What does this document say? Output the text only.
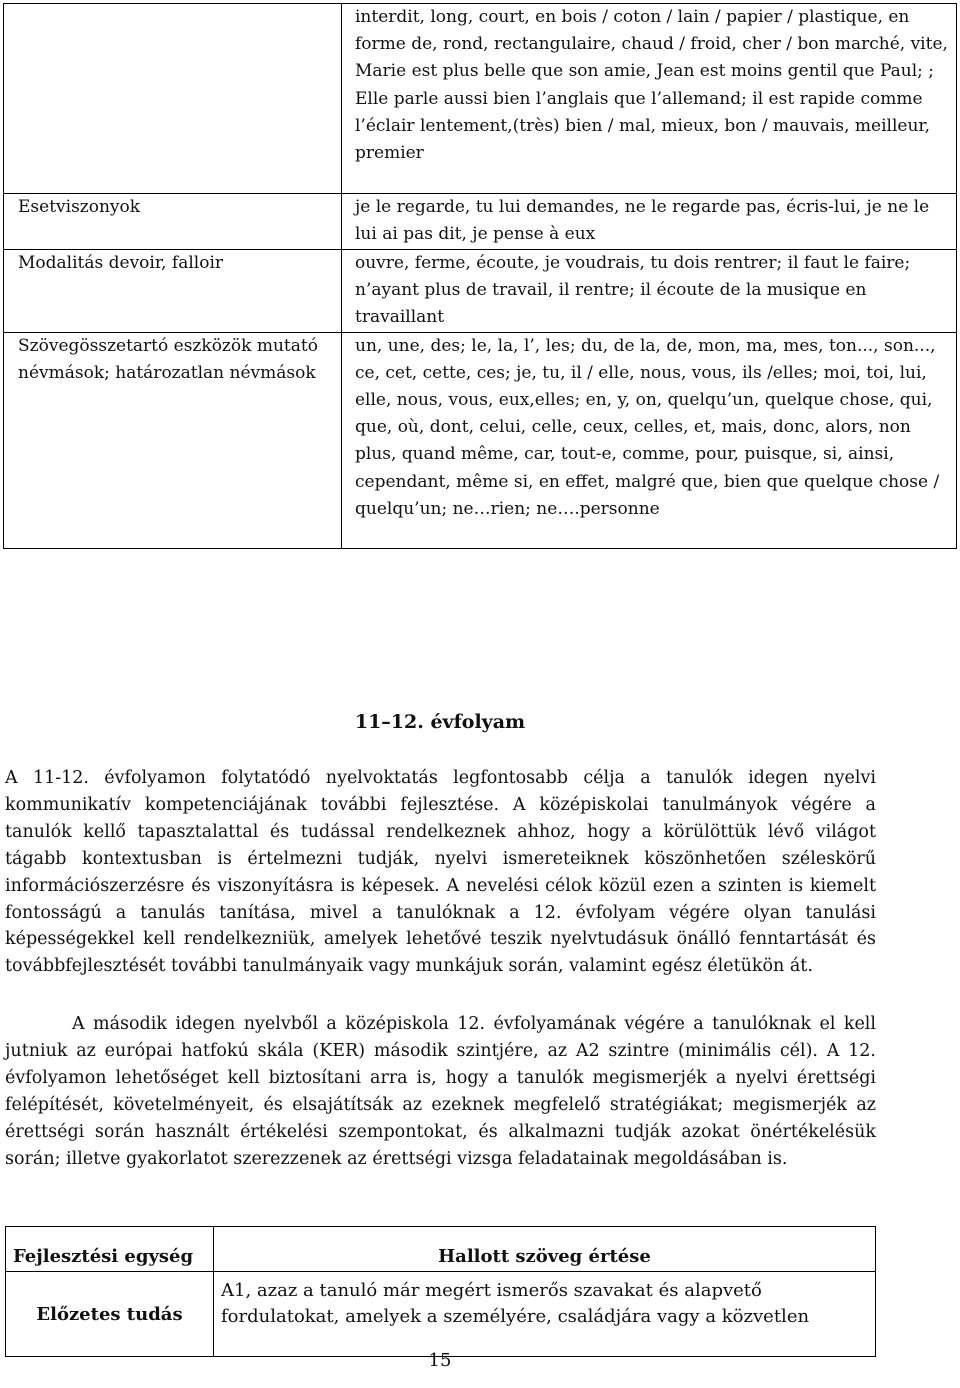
	interdit, long, court, en bois / coton / lain / papier / plastique, en forme de, rond, rectangulaire, chaud / froid, cher / bon marché, vite, Marie est plus belle que son amie, Jean est moins gentil que Paul; ; Elle parle aussi bien l’anglais que l’allemand; il est rapide comme l’éclair lentement,(très) bien / mal, mieux, bon / mauvais, meilleur, premier

Esetviszonyok	je le regarde, tu lui demandes, ne le regarde pas, écris-lui, je ne le lui ai pas dit, je pense à eux

Modalitás devoir, falloir	ouvre, ferme, écoute, je voudrais, tu dois rentrer; il faut le faire; n’ayant plus de travail, il rentre; il écoute de la musique en travaillant

Szövegösszetartó eszközök mutató névmások; határozatlan névmások	un, une, des; le, la, l’, les; du, de la, de, mon, ma, mes, ton..., son..., ce, cet, cette, ces; je, tu, il / elle, nous, vous, ils /elles; moi, toi, lui, elle, nous, vous, eux,elles; en, y, on, quelqu’un, quelque chose, qui, que, où, dont, celui, celle, ceux, celles, et, mais, donc, alors, non plus, quand même, car, tout-e, comme, pour, puisque, si, ainsi, cependant, même si, en effet, malgré que, bien que quelque chose / quelqu’un; ne…rien; ne….personne
11–12. évfolyam

A 11-12. évfolyamon folytatódó nyelvoktatás legfontosabb célja a tanulók idegen nyelvi kommunikatív kompetenciájának további fejlesztése. A középiskolai tanulmányok végére a tanulók kellő tapasztalattal és tudással rendelkeznek ahhoz, hogy a körülöttük lévő világot tágabb kontextusban is értelmezni tudják, nyelvi ismereteiknek köszönhetően széleskörű információszerzésre és viszonyításra is képesek. A nevelési célok közül ezen a szinten is kiemelt fontosságú a tanulás tanítása, mivel a tanulóknak a 12. évfolyam végére olyan tanulási képességekkel kell rendelkezniük, amelyek lehetővé teszik nyelvtudásuk önálló fenntartását és továbbfejlesztését további tanulmányaik vagy munkájuk során, valamint egész életükön át.

A második idegen nyelvből a középiskola 12. évfolyamának végére a tanulóknak el kell jutniuk az európai hatfokú skála (KER) második szintjére, az A2 szintre (minimális cél). A 12. évfolyamon lehetőséget kell biztosítani arra is, hogy a tanulók megismerjék a nyelvi érettségi felépítését, követelményeit, és elsajátítsák az ezeknek megfelelő stratégiákat; megismerjék az érettségi során használt értékelési szempontokat, és alkalmazni tudják azokat önértékelésük során; illetve gyakorlatot szerezzenek az érettségi vizsga feladatainak megoldásában is.

Fejlesztési egység	Hallott szöveg értése
Előzetes tudás	A1, azaz a tanuló már megért ismerős szavakat és alapvető fordulatokat, amelyek a személyére, családjára vagy a közvetlen
15
